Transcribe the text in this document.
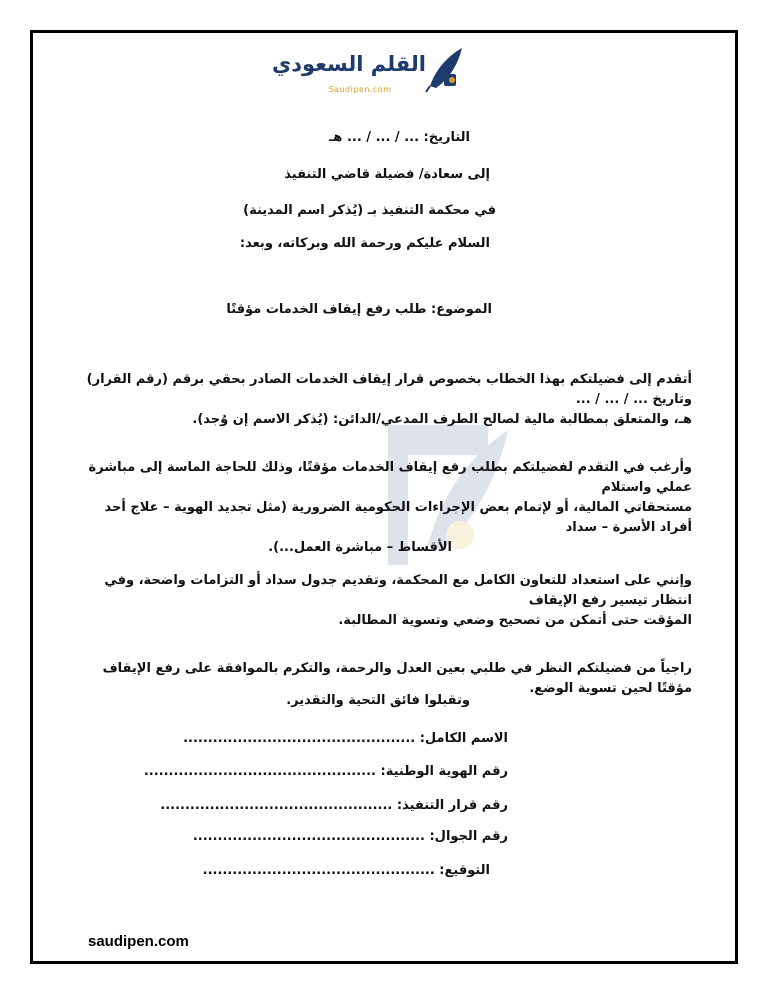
القلم السعودي
Saudipen.com
التاريخ: ... / ... / ... هـ
إلى سعادة/ فضيلة قاضي التنفيذ
في محكمة التنفيذ بـ (يُذكر اسم المدينة)
السلام عليكم ورحمة الله وبركاته، وبعد:
الموضوع: طلب رفع إيقاف الخدمات مؤقتًا

أتقدم إلى فضيلتكم بهذا الخطاب بخصوص قرار إيقاف الخدمات الصادر بحقي برقم (رقم القرار) وتاريخ ... / ... / ...

هـ، والمتعلق بمطالبة مالية لصالح الطرف المدعي/الدائن: (يُذكر الاسم إن وُجد).

وأرغب في التقدم لفضيلتكم بطلب رفع إيقاف الخدمات مؤقتًا، وذلك للحاجة الماسة إلى مباشرة عملي واستلام

مستحقاتي المالية، أو لإتمام بعض الإجراءات الحكومية الضرورية (مثل تجديد الهوية – علاج أحد أفراد الأسرة – سداد

الأقساط – مباشرة العمل...).

وإنني على استعداد للتعاون الكامل مع المحكمة، وتقديم جدول سداد أو التزامات واضحة، وفي انتظار تيسير رفع الإيقاف

المؤقت حتى أتمكن من تصحيح وضعي وتسوية المطالبة.

راجياً من فضيلتكم النظر في طلبي بعين العدل والرحمة، والتكرم بالموافقة على رفع الإيقاف مؤقتًا لحين تسوية الوضع.
وتقبلوا فائق التحية والتقدير.
الاسم الكامل: ...............................................
رقم الهوية الوطنية: ...............................................
رقم قرار التنفيذ: ...............................................
رقم الجوال: ...............................................
التوقيع: ...............................................
saudipen.com
